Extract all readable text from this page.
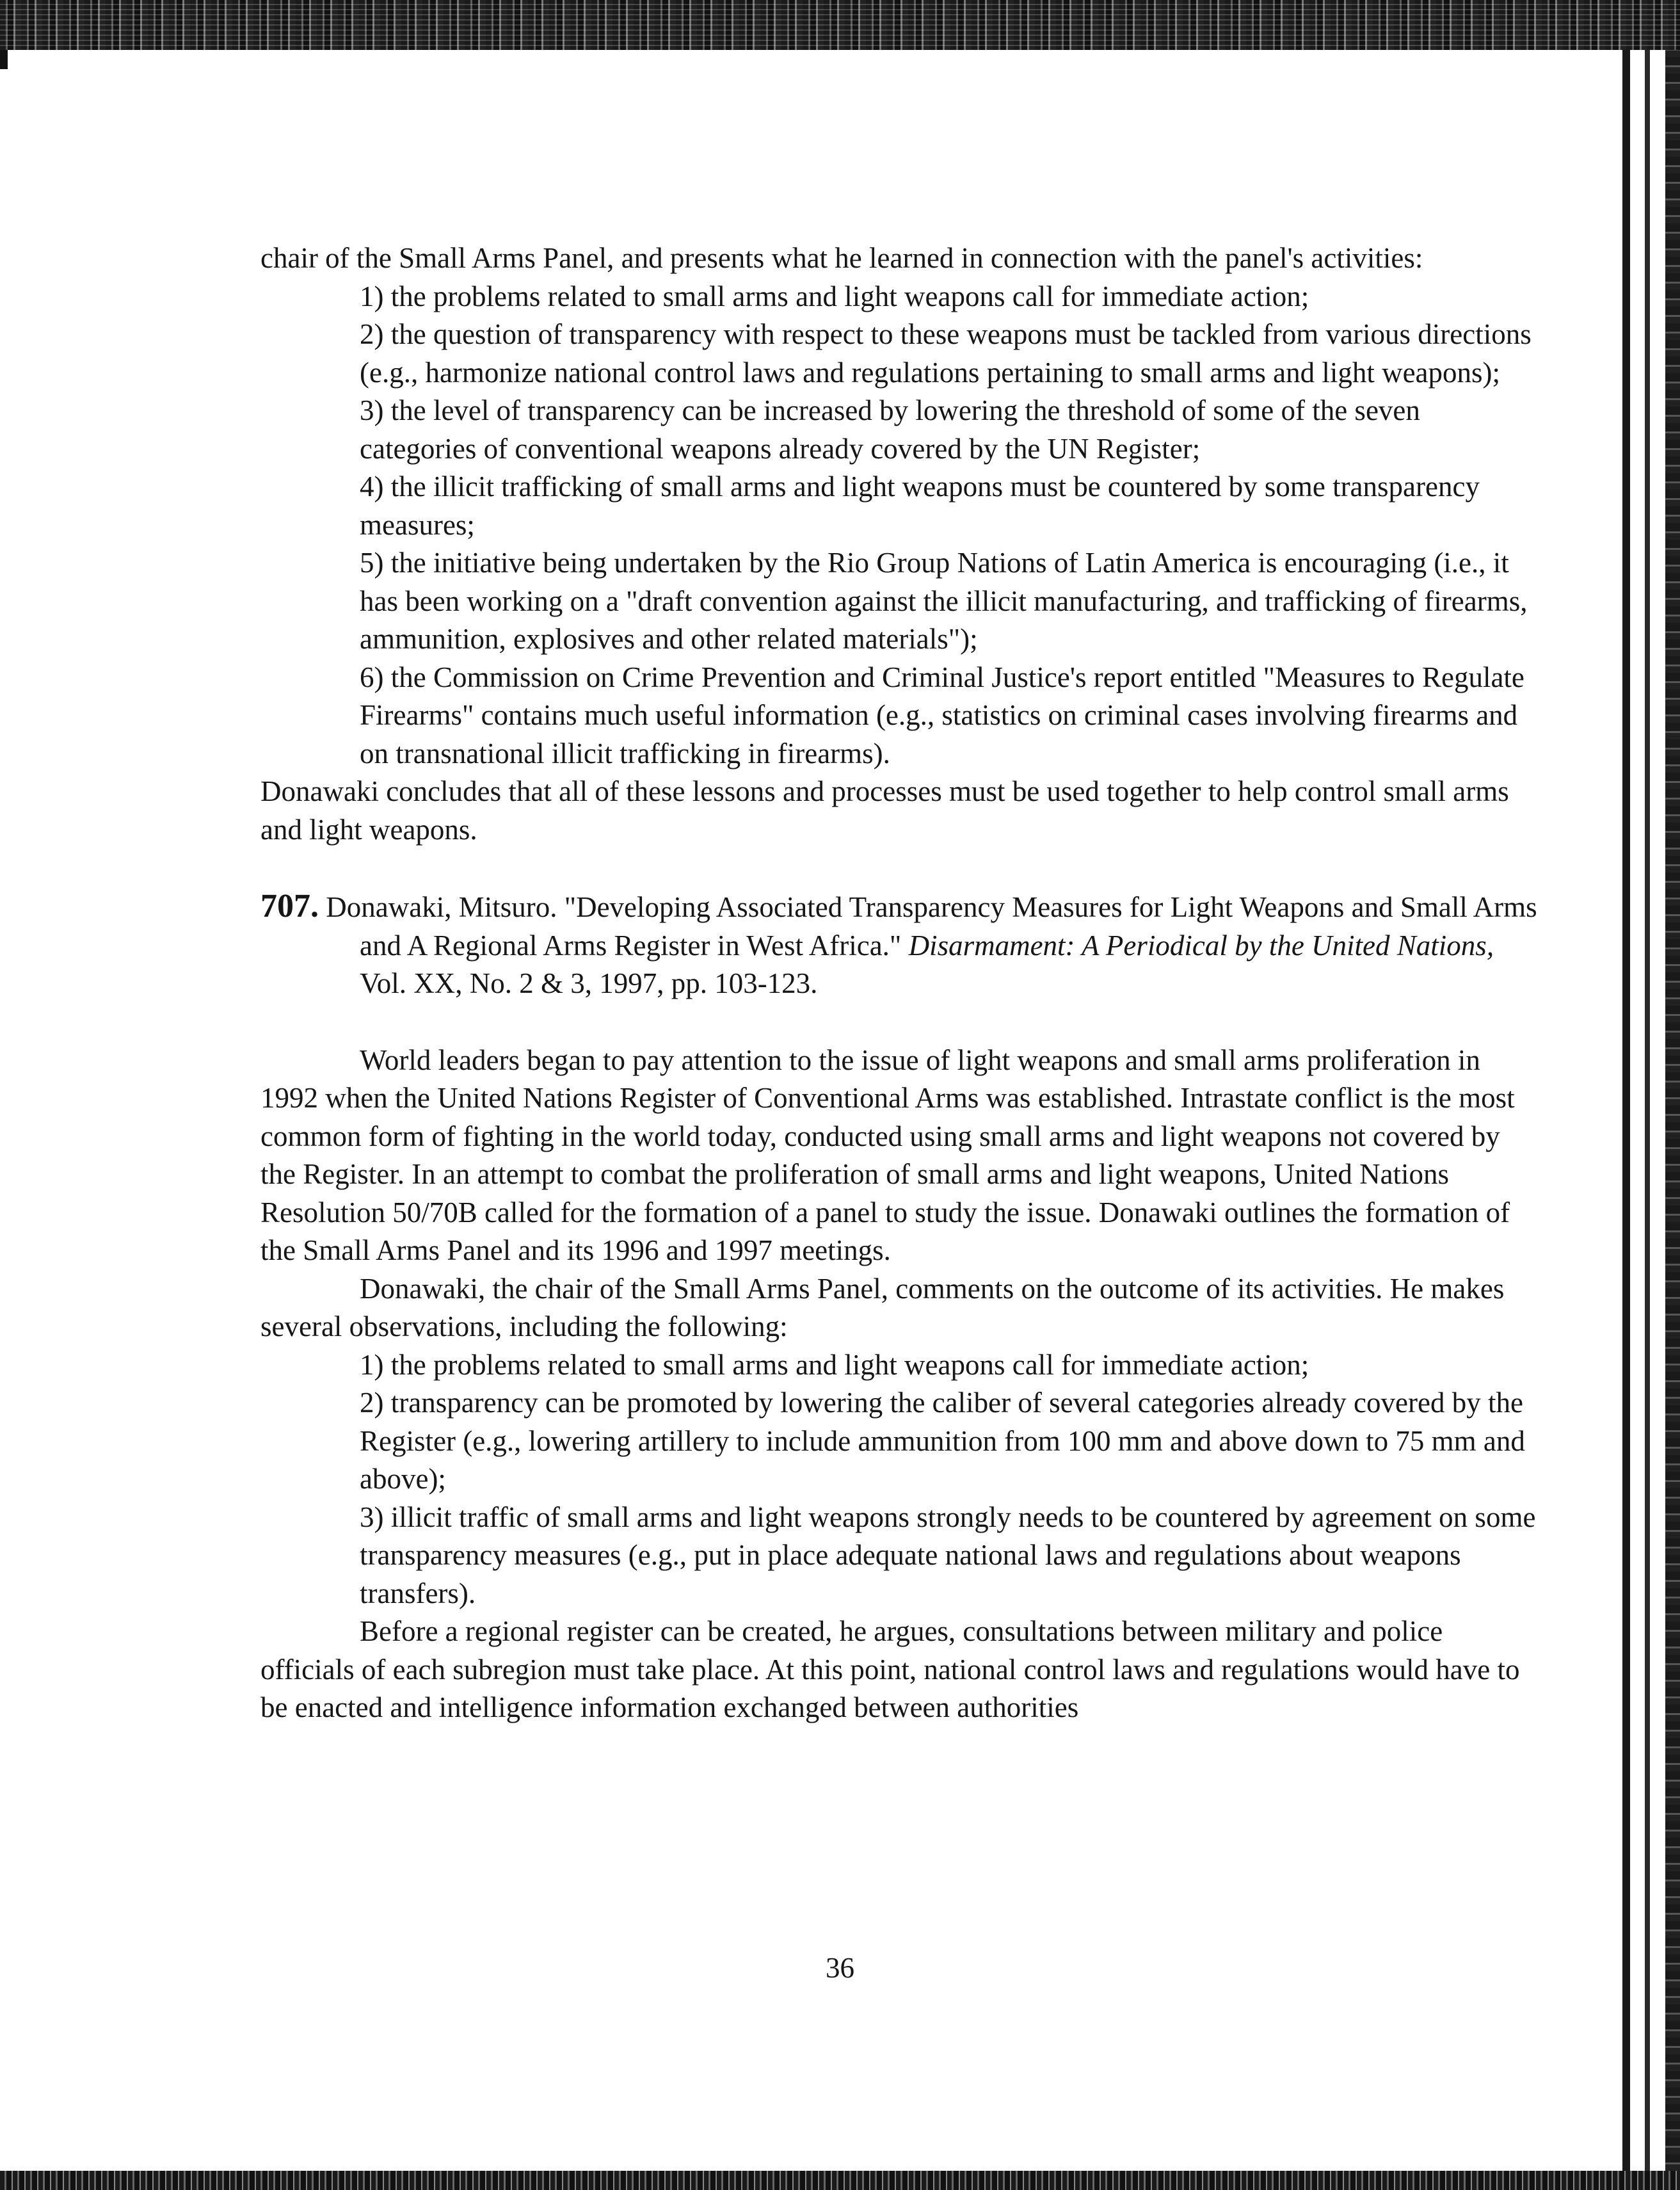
chair of the Small Arms Panel, and presents what he learned in connection with the panel's activities:

1) the problems related to small arms and light weapons call for immediate action;

2) the question of transparency with respect to these weapons must be tackled from various directions (e.g., harmonize national control laws and regulations pertaining to small arms and light weapons);

3) the level of transparency can be increased by lowering the threshold of some of the seven categories of conventional weapons already covered by the UN Register;

4) the illicit trafficking of small arms and light weapons must be countered by some transparency measures;

5) the initiative being undertaken by the Rio Group Nations of Latin America is encouraging (i.e., it has been working on a "draft convention against the illicit manufacturing, and trafficking of firearms, ammunition, explosives and other related materials");

6) the Commission on Crime Prevention and Criminal Justice's report entitled "Measures to Regulate Firearms" contains much useful information (e.g., statistics on criminal cases involving firearms and on transnational illicit trafficking in firearms).

Donawaki concludes that all of these lessons and processes must be used together to help control small arms and light weapons.

707. Donawaki, Mitsuro. "Developing Associated Transparency Measures for Light Weapons and Small Arms and A Regional Arms Register in West Africa." Disarmament: A Periodical by the United Nations, Vol. XX, No. 2 & 3, 1997, pp. 103-123.

World leaders began to pay attention to the issue of light weapons and small arms proliferation in 1992 when the United Nations Register of Conventional Arms was established. Intrastate conflict is the most common form of fighting in the world today, conducted using small arms and light weapons not covered by the Register. In an attempt to combat the proliferation of small arms and light weapons, United Nations Resolution 50/70B called for the formation of a panel to study the issue. Donawaki outlines the formation of the Small Arms Panel and its 1996 and 1997 meetings.

Donawaki, the chair of the Small Arms Panel, comments on the outcome of its activities. He makes several observations, including the following:

1) the problems related to small arms and light weapons call for immediate action;

2) transparency can be promoted by lowering the caliber of several categories already covered by the Register (e.g., lowering artillery to include ammunition from 100 mm and above down to 75 mm and above);

3) illicit traffic of small arms and light weapons strongly needs to be countered by agreement on some transparency measures (e.g., put in place adequate national laws and regulations about weapons transfers).

Before a regional register can be created, he argues, consultations between military and police officials of each subregion must take place. At this point, national control laws and regulations would have to be enacted and intelligence information exchanged between authorities

36
